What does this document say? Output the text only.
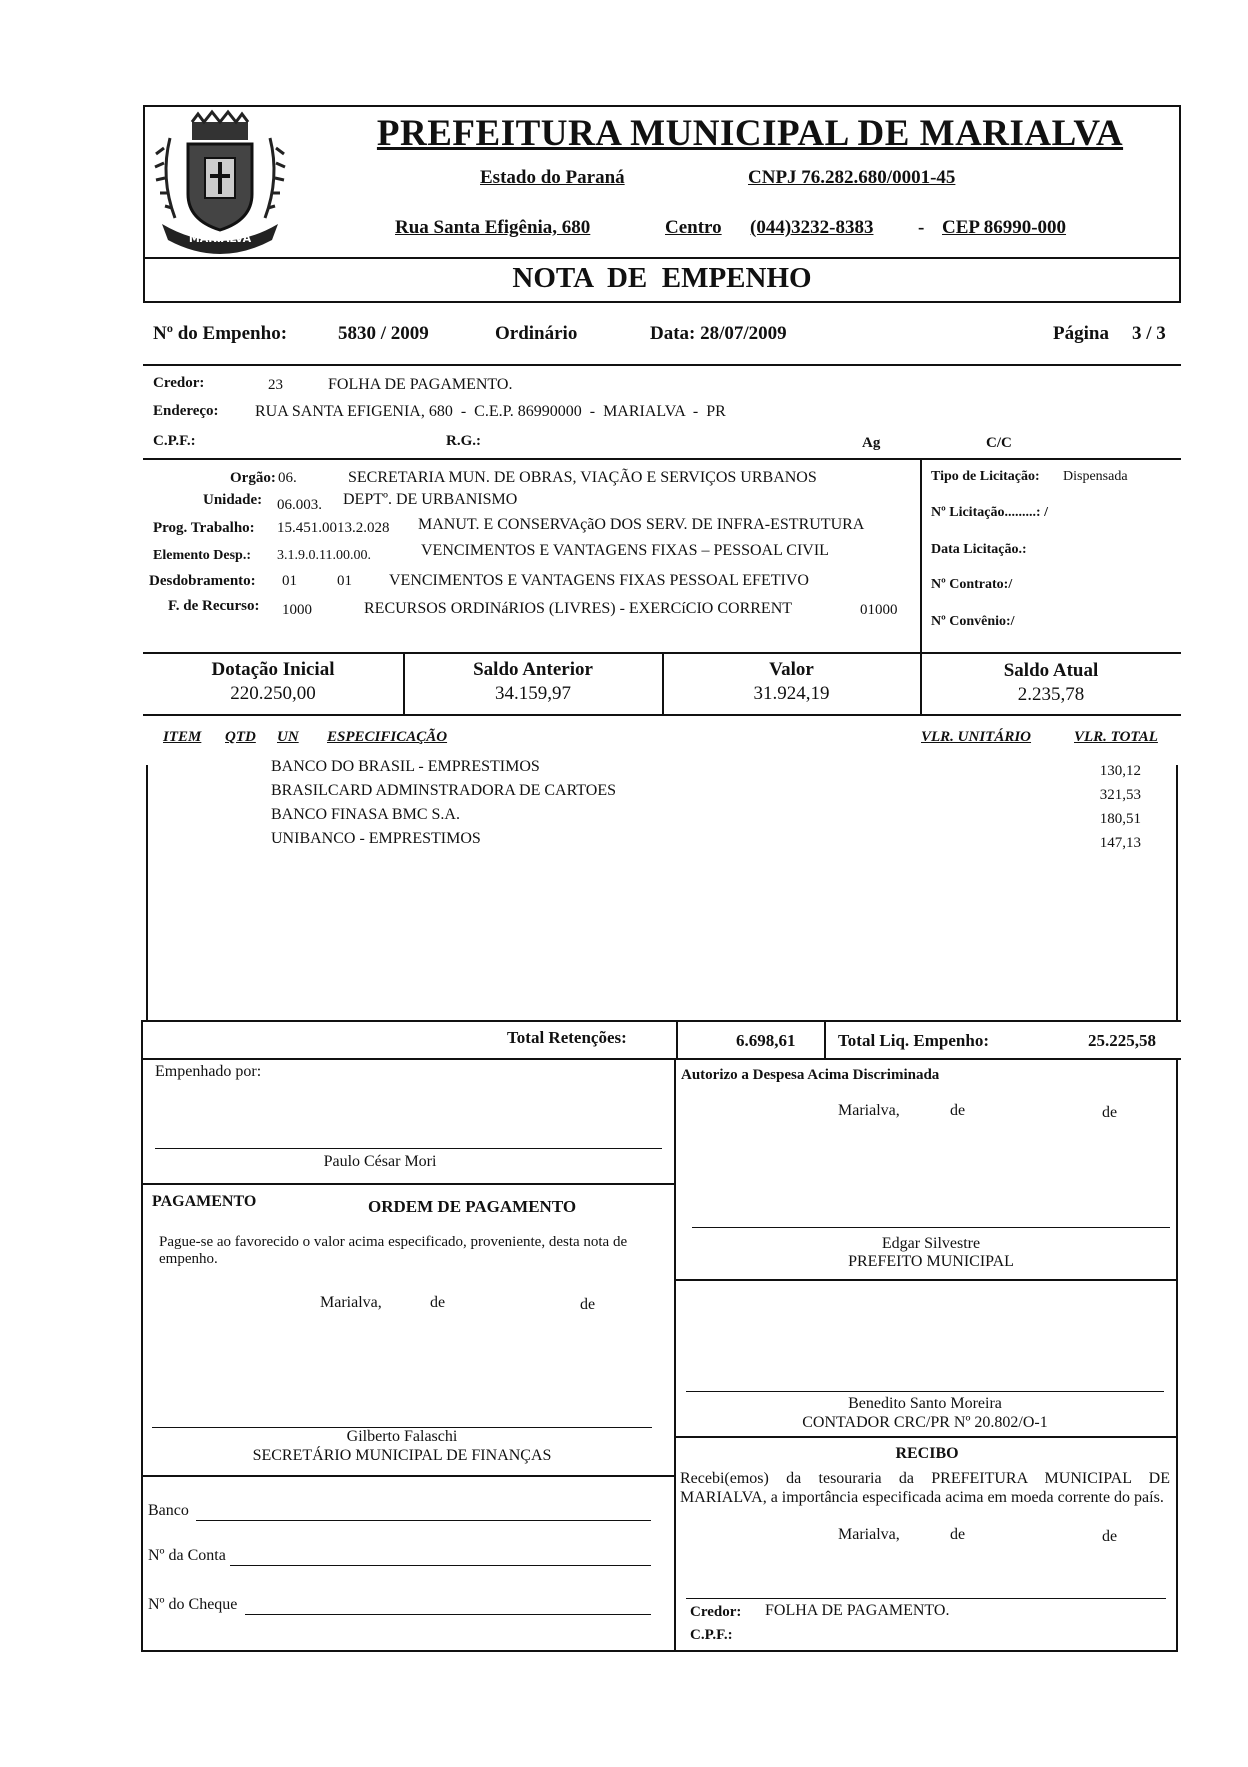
MARIALVA
PREFEITURA MUNICIPAL DE MARIALVA
Estado do Paraná	CNPJ 76.282.680/0001-45
Rua Santa Efigênia, 680	Centro (044)3232-8383 - CEP 86990-000
NOTA  DE  EMPENHO
Nº do Empenho:	5830 / 2009	Ordinário	Data: 28/07/2009	Página 3 / 3
Credor:	23	FOLHA DE PAGAMENTO.
Endereço: RUA SANTA EFIGENIA, 680  -  C.E.P. 86990000  -  MARIALVA  -  PR
C.P.F.:	R.G.:	Ag	C/C
Orgão: 06.	SECRETARIA MUN. DE OBRAS, VIAÇÃO E SERVIÇOS URBANOS
Unidade: 06.003. DEPTº. DE URBANISMO
Prog. Trabalho: 15.451.0013.2.028 MANUT. E CONSERVAçãO DOS SERV. DE INFRA-ESTRUTURA
Elemento Desp.: 3.1.9.0.11.00.00.	VENCIMENTOS E VANTAGENS FIXAS – PESSOAL CIVIL
Desdobramento: 01	01 VENCIMENTOS E VANTAGENS FIXAS PESSOAL EFETIVO
F. de Recurso: 1000	RECURSOS ORDINáRIOS (LIVRES) - EXERCíCIO CORRENT	01000
Tipo de Licitação: Dispensada
Nº Licitação.........: /
Data Licitação.:
Nº Contrato:/
Nº Convênio:/
Dotação Inicial
220.250,00
Saldo Anterior
34.159,97
Valor
31.924,19
Saldo Atual
2.235,78
ITEM QTD UN ESPECIFICAÇÃO	VLR. UNITÁRIO	VLR. TOTAL
BANCO DO BRASIL - EMPRESTIMOS	130,12
BRASILCARD ADMINSTRADORA DE CARTOES	321,53
BANCO FINASA BMC S.A.	180,51
UNIBANCO - EMPRESTIMOS	147,13
Total Retenções:	6.698,61	Total Liq. Empenho:	25.225,58
Empenhado por:
Paulo César Mori
PAGAMENTO	ORDEM DE PAGAMENTO
Pague-se ao favorecido o valor acima especificado, proveniente, desta nota de empenho.
Marialva,	de	de
Gilberto Falaschi
SECRETÁRIO MUNICIPAL DE FINANÇAS
Banco
Nº da Conta
Nº do Cheque
Autorizo a Despesa Acima Discriminada
Marialva,	de	de
Edgar Silvestre
PREFEITO MUNICIPAL
Benedito Santo Moreira
CONTADOR CRC/PR Nº 20.802/O-1
RECIBO
Recebi(emos) da tesouraria da PREFEITURA MUNICIPAL DE MARIALVA, a importância especificada acima em moeda corrente do país.
Marialva,	de	de
Credor: FOLHA DE PAGAMENTO.
C.P.F.:
